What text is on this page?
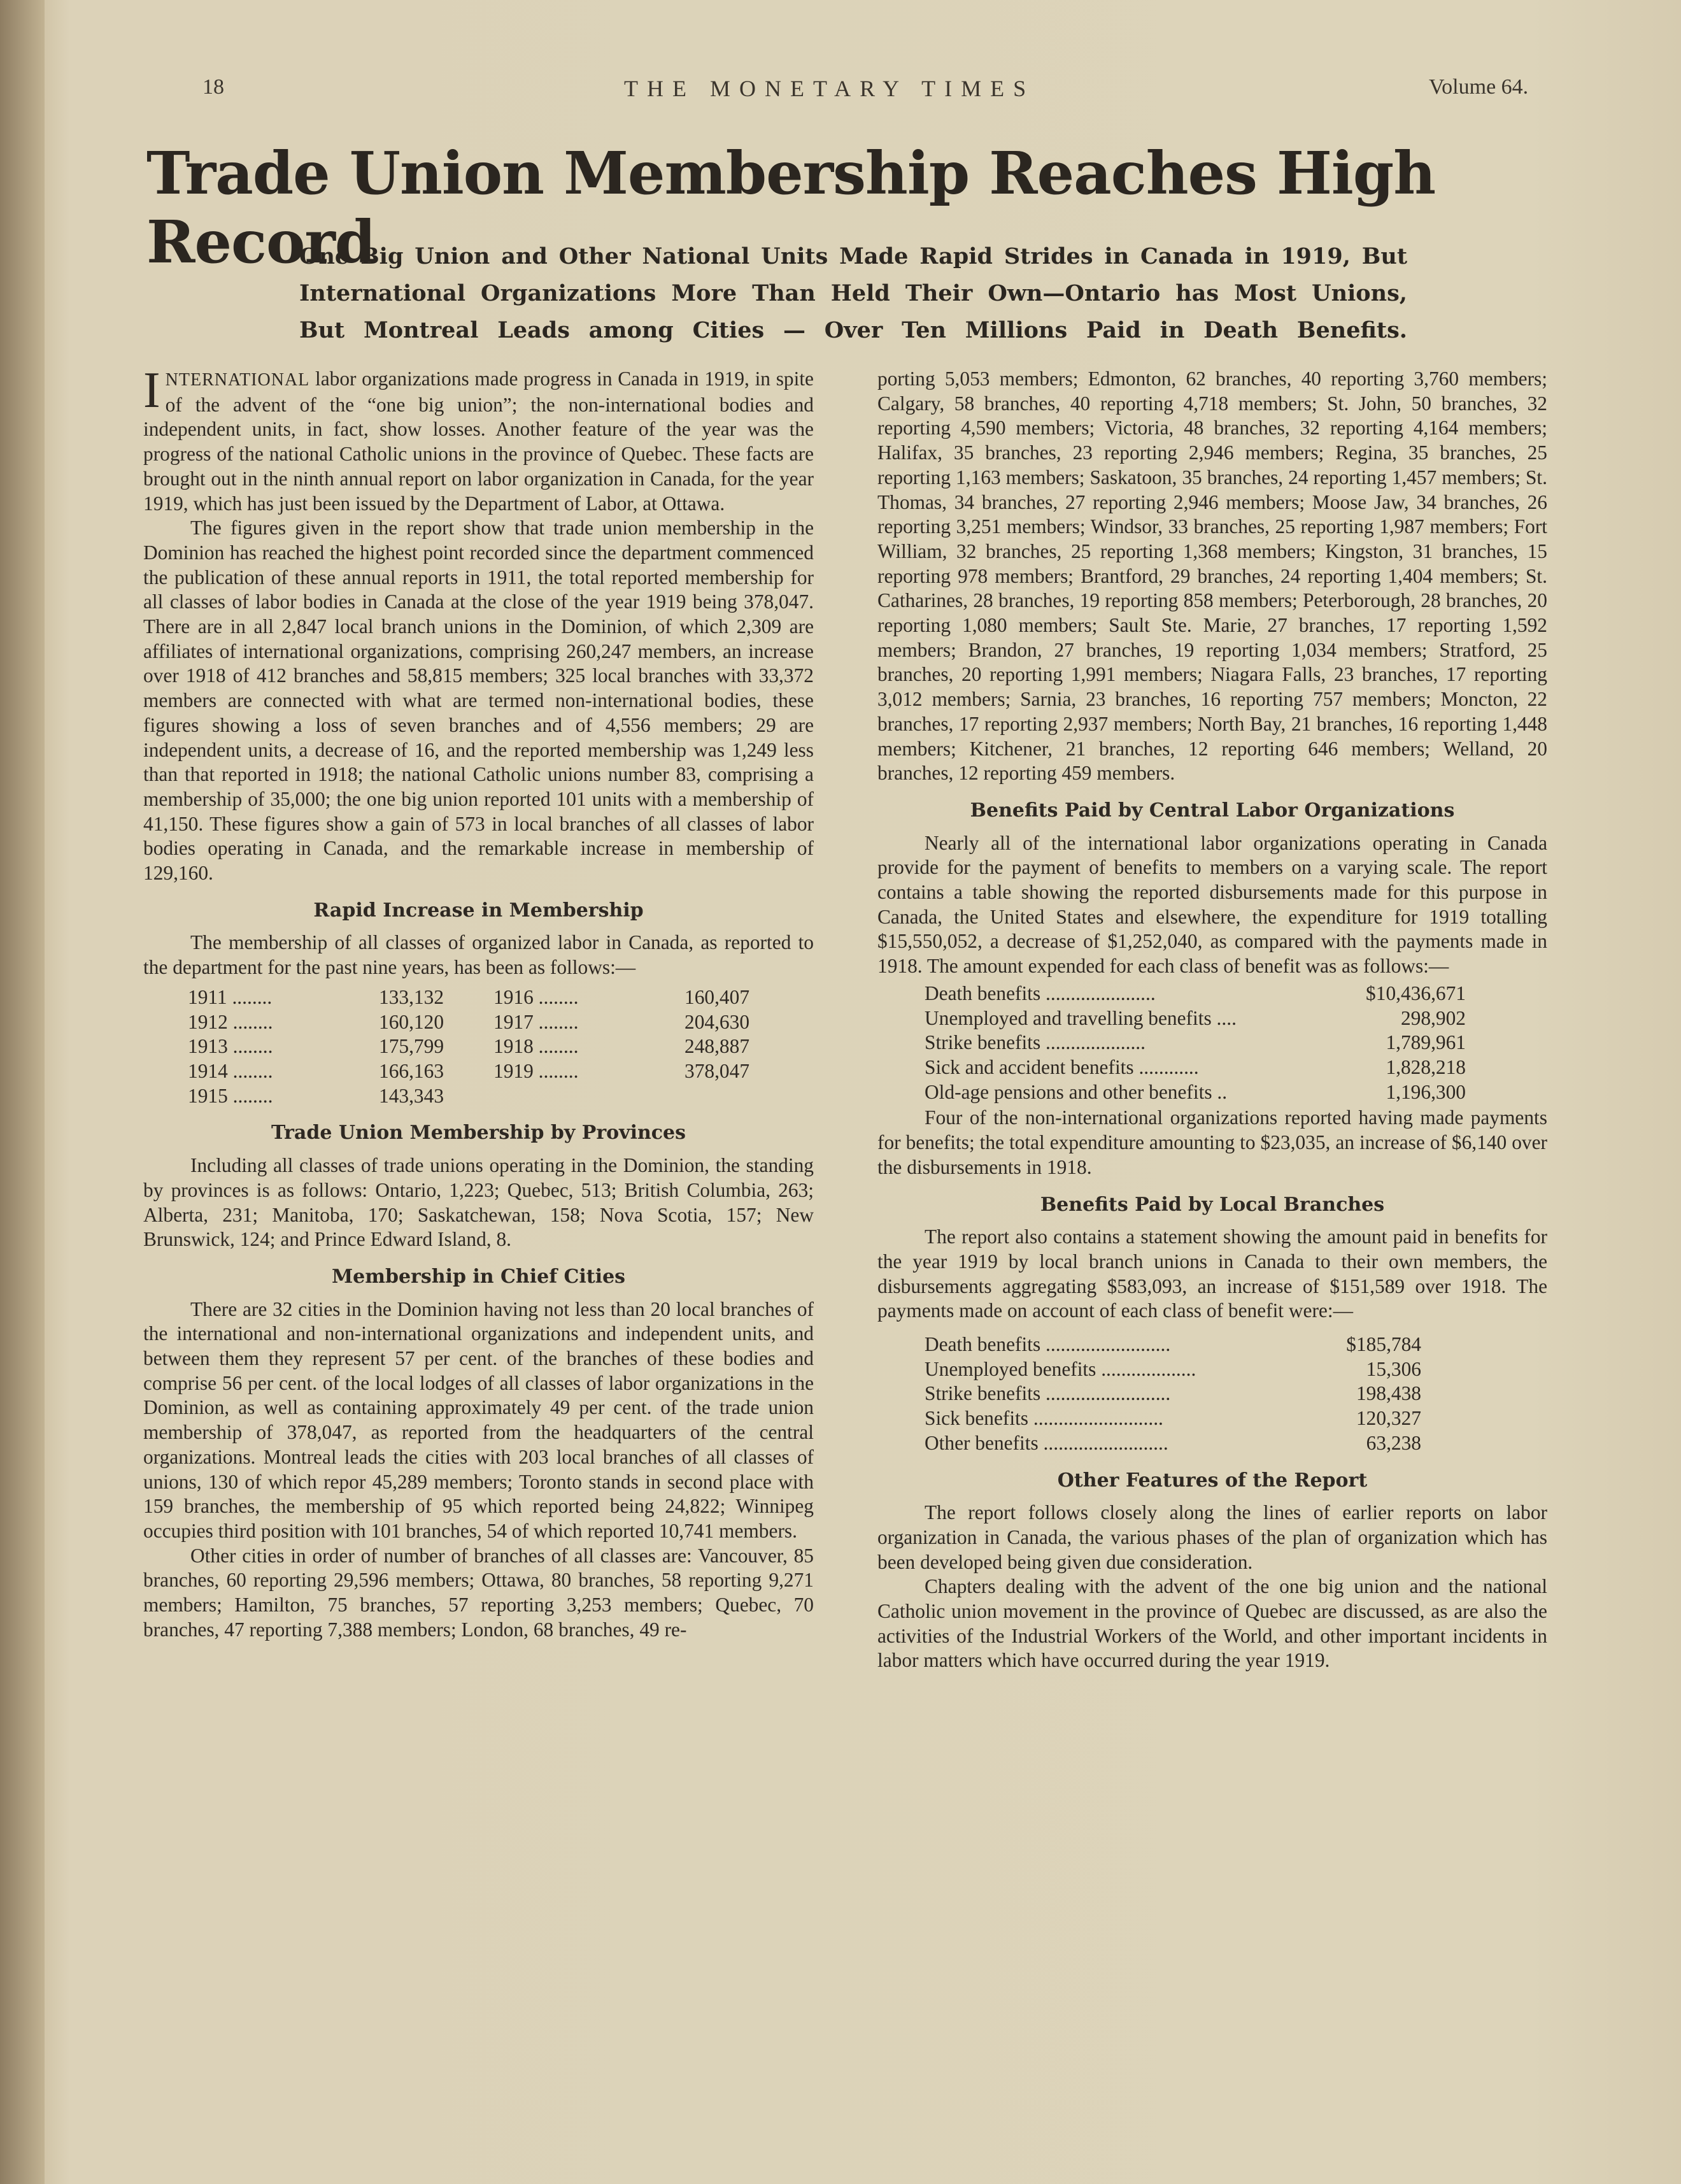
18	THE MONETARY TIMES	Volume 64.
Trade Union Membership Reaches High Record
One Big Union and Other National Units Made Rapid Strides in Canada in 1919, But
International Organizations More Than Held Their Own—Ontario has Most Unions,
But Montreal Leads among Cities — Over Ten Millions Paid in Death Benefits.

INTERNATIONAL labor organizations made progress in Canada in 1919, in spite of the advent of the “one big union”; the non-international bodies and independent units, in fact, show losses. Another feature of the year was the progress of the national Catholic unions in the province of Quebec. These facts are brought out in the ninth annual report on labor organization in Canada, for the year 1919, which has just been issued by the Department of Labor, at Ottawa.

The figures given in the report show that trade union membership in the Dominion has reached the highest point recorded since the department commenced the publication of these annual reports in 1911, the total reported membership for all classes of labor bodies in Canada at the close of the year 1919 being 378,047. There are in all 2,847 local branch unions in the Dominion, of which 2,309 are affiliates of international organizations, comprising 260,247 members, an increase over 1918 of 412 branches and 58,815 members; 325 local branches with 33,372 members are connected with what are termed non-international bodies, these figures showing a loss of seven branches and of 4,556 members; 29 are independent units, a decrease of 16, and the reported membership was 1,249 less than that reported in 1918; the national Catholic unions number 83, comprising a membership of 35,000; the one big union reported 101 units with a membership of 41,150. These figures show a gain of 573 in local branches of all classes of labor bodies operating in Canada, and the remarkable increase in membership of 129,160.

Rapid Increase in Membership

The membership of all classes of organized labor in Canada, as reported to the department for the past nine years, has been as follows:—

1911 ........	133,132	1916 ........	160,407
1912 ........	160,120	1917 ........	204,630
1913 ........	175,799	1918 ........	248,887
1914 ........	166,163	1919 ........	378,047
1915 ........	143,343
Trade Union Membership by Provinces

Including all classes of trade unions operating in the Dominion, the standing by provinces is as follows: Ontario, 1,223; Quebec, 513; British Columbia, 263; Alberta, 231; Manitoba, 170; Saskatchewan, 158; Nova Scotia, 157; New Brunswick, 124; and Prince Edward Island, 8.

Membership in Chief Cities

There are 32 cities in the Dominion having not less than 20 local branches of the international and non-international organizations and independent units, and between them they represent 57 per cent. of the branches of these bodies and comprise 56 per cent. of the local lodges of all classes of labor organizations in the Dominion, as well as containing approximately 49 per cent. of the trade union membership of 378,047, as reported from the headquarters of the central organizations. Montreal leads the cities with 203 local branches of all classes of unions, 130 of which repor 45,289 members; Toronto stands in second place with 159 branches, the membership of 95 which reported being 24,822; Winnipeg occupies third position with 101 branches, 54 of which reported 10,741 members.

Other cities in order of number of branches of all classes are: Vancouver, 85 branches, 60 reporting 29,596 members; Ottawa, 80 branches, 58 reporting 9,271 members; Hamilton, 75 branches, 57 reporting 3,253 members; Quebec, 70 branches, 47 reporting 7,388 members; London, 68 branches, 49 re-

porting 5,053 members; Edmonton, 62 branches, 40 reporting 3,760 members; Calgary, 58 branches, 40 reporting 4,718 members; St. John, 50 branches, 32 reporting 4,590 members; Victoria, 48 branches, 32 reporting 4,164 members; Halifax, 35 branches, 23 reporting 2,946 members; Regina, 35 branches, 25 reporting 1,163 members; Saskatoon, 35 branches, 24 reporting 1,457 members; St. Thomas, 34 branches, 27 reporting 2,946 members; Moose Jaw, 34 branches, 26 reporting 3,251 members; Windsor, 33 branches, 25 reporting 1,987 members; Fort William, 32 branches, 25 reporting 1,368 members; Kingston, 31 branches, 15 reporting 978 members; Brantford, 29 branches, 24 reporting 1,404 members; St. Catharines, 28 branches, 19 reporting 858 members; Peterborough, 28 branches, 20 reporting 1,080 members; Sault Ste. Marie, 27 branches, 17 reporting 1,592 members; Brandon, 27 branches, 19 reporting 1,034 members; Stratford, 25 branches, 20 reporting 1,991 members; Niagara Falls, 23 branches, 17 reporting 3,012 members; Sarnia, 23 branches, 16 reporting 757 members; Moncton, 22 branches, 17 reporting 2,937 members; North Bay, 21 branches, 16 reporting 1,448 members; Kitchener, 21 branches, 12 reporting 646 members; Welland, 20 branches, 12 reporting 459 members.

Benefits Paid by Central Labor Organizations

Nearly all of the international labor organizations operating in Canada provide for the payment of benefits to members on a varying scale. The report contains a table showing the reported disbursements made for this purpose in Canada, the United States and elsewhere, the expenditure for 1919 totalling $15,550,052, a decrease of $1,252,040, as compared with the payments made in 1918. The amount expended for each class of benefit was as follows:—

Death benefits ......................	$10,436,671
Unemployed and travelling benefits ....	298,902
Strike benefits ....................	1,789,961
Sick and accident benefits ............	1,828,218
Old-age pensions and other benefits ..	1,196,300

Four of the non-international organizations reported having made payments for benefits; the total expenditure amounting to $23,035, an increase of $6,140 over the disbursements in 1918.

Benefits Paid by Local Branches

The report also contains a statement showing the amount paid in benefits for the year 1919 by local branch unions in Canada to their own members, the disbursements aggregating $583,093, an increase of $151,589 over 1918. The payments made on account of each class of benefit were:—

Death benefits .........................	$185,784
Unemployed benefits ...................	15,306
Strike benefits .........................	198,438
Sick benefits ..........................	120,327
Other benefits .........................	63,238
Other Features of the Report

The report follows closely along the lines of earlier reports on labor organization in Canada, the various phases of the plan of organization which has been developed being given due consideration.

Chapters dealing with the advent of the one big union and the national Catholic union movement in the province of Quebec are discussed, as are also the activities of the Industrial Workers of the World, and other important incidents in labor matters which have occurred during the year 1919.
